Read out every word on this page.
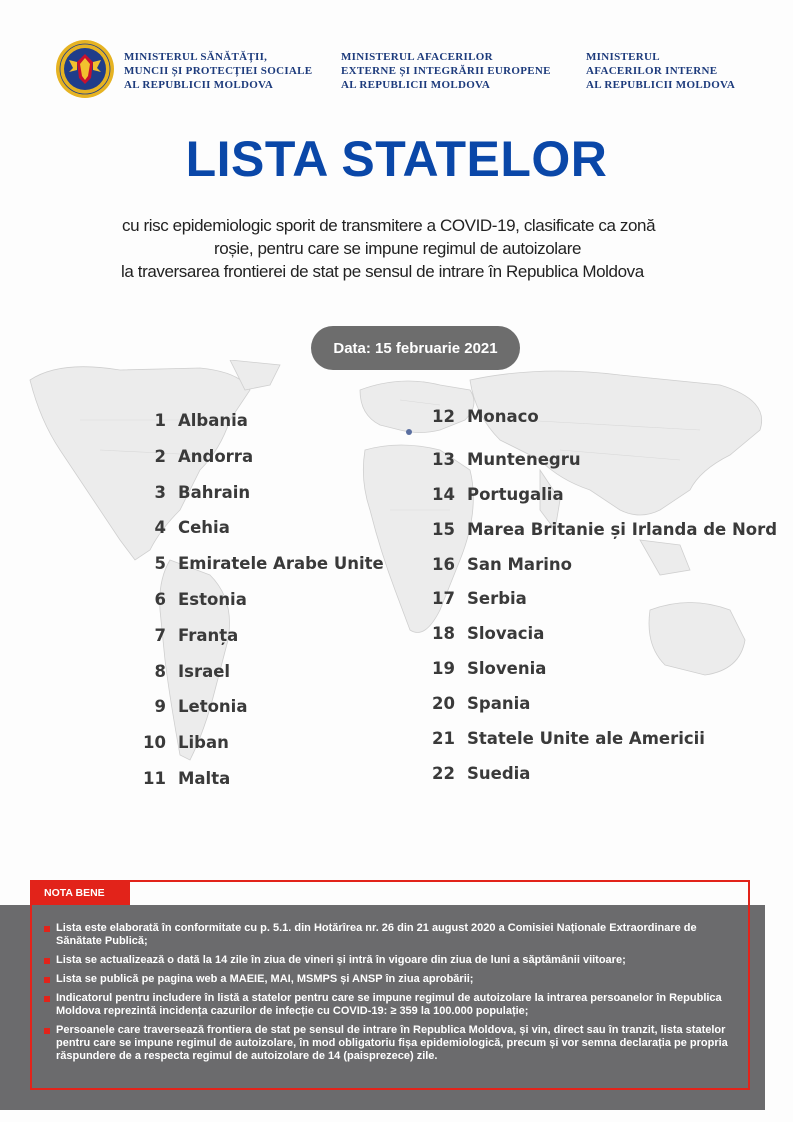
MINISTERUL SĂNĂTĂȚII,
MUNCII ȘI PROTECȚIEI SOCIALE
AL REPUBLICII MOLDOVA
MINISTERUL AFACERILOR
EXTERNE ȘI INTEGRĂRII EUROPENE
AL REPUBLICII MOLDOVA
MINISTERUL
AFACERILOR INTERNE
AL REPUBLICII MOLDOVA
LISTA STATELOR
cu risc epidemiologic sporit de transmitere a COVID-19, clasificate ca zonă
roșie, pentru care se impune regimul de autoizolare
la traversarea frontierei de stat pe sensul de intrare în Republica Moldova
Data: 15 februarie 2021
1 Albania
2 Andorra
3 Bahrain
4 Cehia
5 Emiratele Arabe Unite
6 Estonia
7 Franța
8 Israel
9 Letonia
10 Liban
11 Malta
12 Monaco
13 Muntenegru
14 Portugalia
15 Marea Britanie și Irlanda de Nord
16 San Marino
17 Serbia
18 Slovacia
19 Slovenia
20 Spania
21 Statele Unite ale Americii
22 Suedia
NOTA BENE
Lista este elaborată în conformitate cu p. 5.1. din Hotărîrea nr. 26 din 21 august 2020 a Comisiei Naționale Extraordinare de Sănătate Publică;
Lista se actualizează o dată la 14 zile în ziua de vineri și intră în vigoare din ziua de luni a săptămânii viitoare;
Lista se publică pe pagina web a MAEIE, MAI, MSMPS și ANSP în ziua aprobării;
Indicatorul pentru includere în listă a statelor pentru care se impune regimul de autoizolare la intrarea persoanelor în Republica Moldova reprezintă incidența cazurilor de infecție cu COVID-19: ≥ 359 la 100.000 populație;
Persoanele care traversează frontiera de stat pe sensul de intrare în Republica Moldova, și vin, direct sau în tranzit, lista statelor pentru care se impune regimul de autoizolare, în mod obligatoriu fișa epidemiologică, precum și vor semna declarația pe propria răspundere de a respecta regimul de autoizolare de 14 (paisprezece) zile.
